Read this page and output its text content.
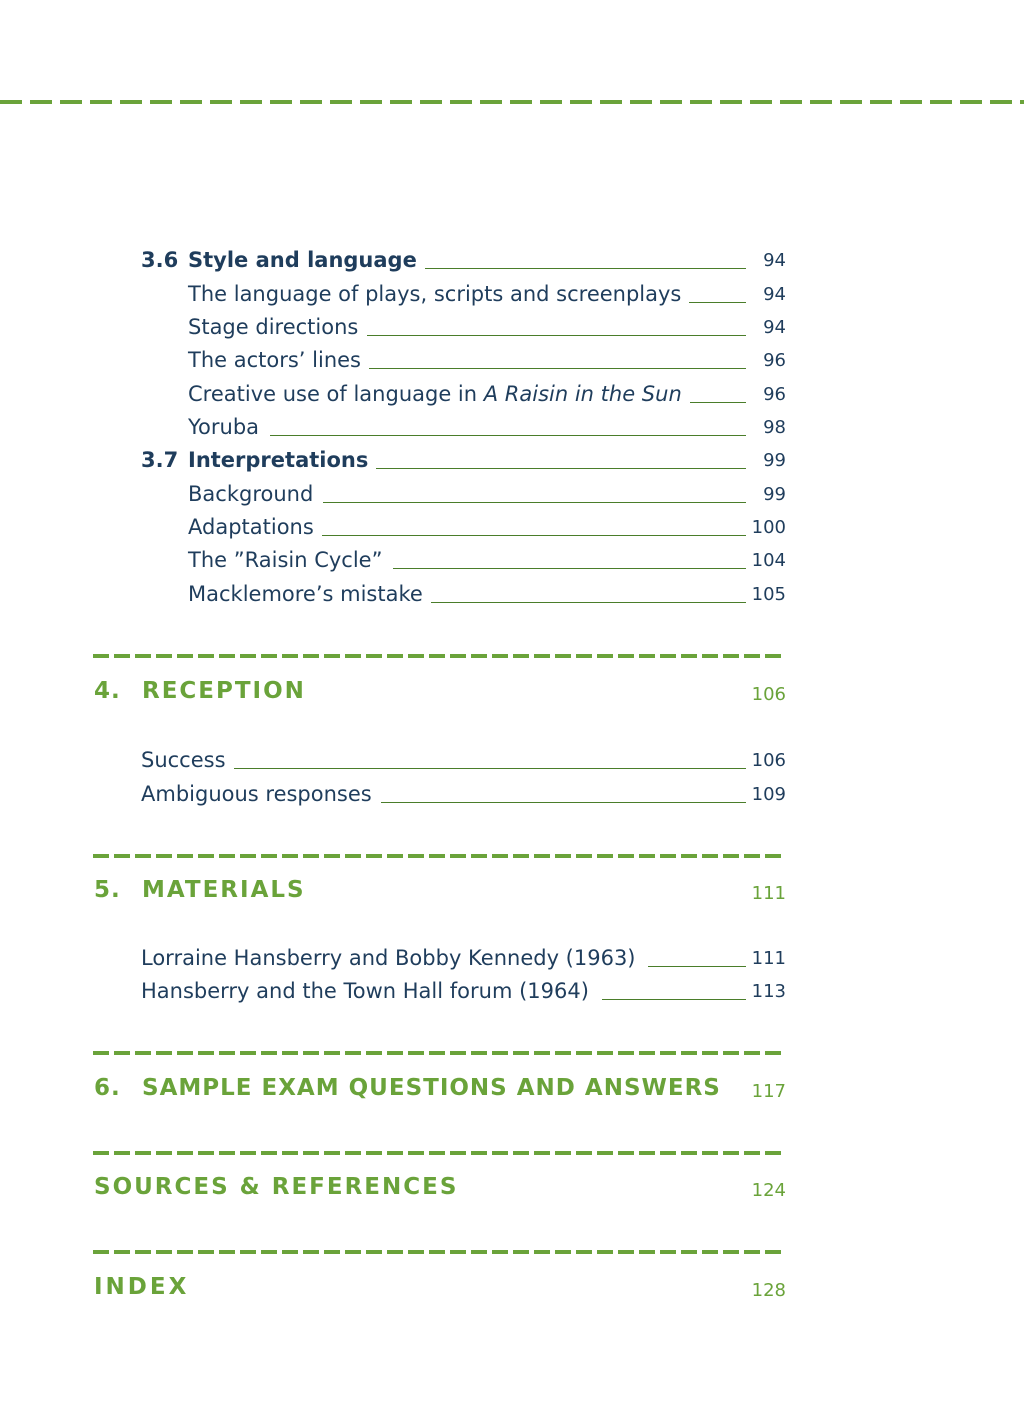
3.6 Style and language	94
The language of plays, scripts and screenplays	94
Stage directions	94
The actors’ lines	96
Creative use of language in A Raisin in the Sun	96
Yoruba	98
3.7 Interpretations	99
Background	99
Adaptations	100
The ”Raisin Cycle”	104
Macklemore’s mistake	105
4. RECEPTION	106
Success	106
Ambiguous responses	109
5. MATERIALS	111
Lorraine Hansberry and Bobby Kennedy (1963)	111
Hansberry and the Town Hall forum (1964)	113
6. SAMPLE EXAM QUESTIONS AND ANSWERS 117
SOURCES & REFERENCES	124
INDEX	128
